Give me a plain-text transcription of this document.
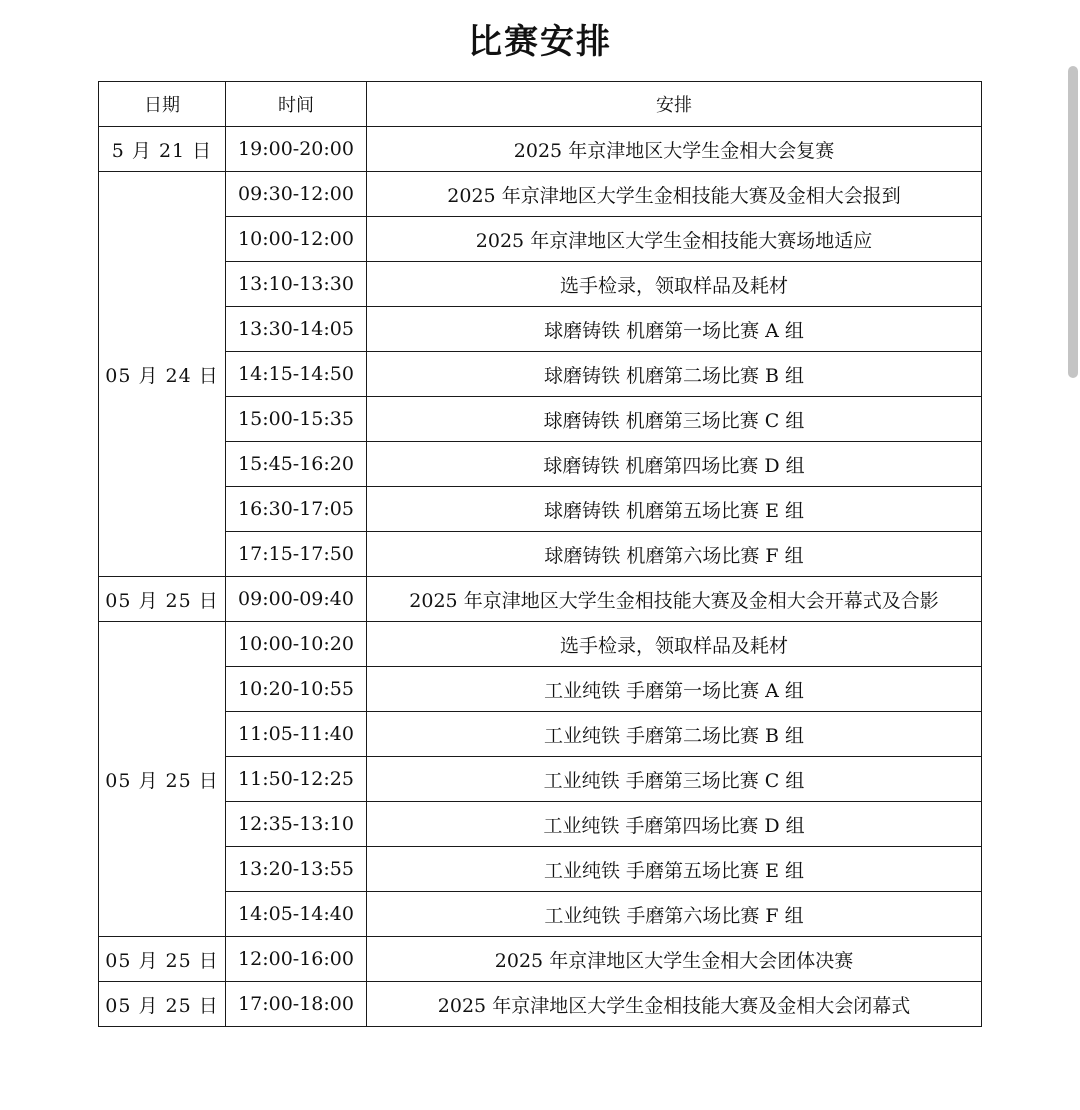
比赛安排
日期	时间	安排
5 月 21 日	19:00-20:00	2025 年京津地区大学生金相大会复赛
05 月 24 日	09:30-12:00	2025 年京津地区大学生金相技能大赛及金相大会报到
	10:00-12:00	2025 年京津地区大学生金相技能大赛场地适应
	13:10-13:30	选手检录，领取样品及耗材
	13:30-14:05	球磨铸铁 机磨第一场比赛 A 组
	14:15-14:50	球磨铸铁 机磨第二场比赛 B 组
	15:00-15:35	球磨铸铁 机磨第三场比赛 C 组
	15:45-16:20	球磨铸铁 机磨第四场比赛 D 组
	16:30-17:05	球磨铸铁 机磨第五场比赛 E 组
	17:15-17:50	球磨铸铁 机磨第六场比赛 F 组
05 月 25 日	09:00-09:40	2025 年京津地区大学生金相技能大赛及金相大会开幕式及合影
05 月 25 日	10:00-10:20	选手检录，领取样品及耗材
	10:20-10:55	工业纯铁 手磨第一场比赛 A 组
	11:05-11:40	工业纯铁 手磨第二场比赛 B 组
	11:50-12:25	工业纯铁 手磨第三场比赛 C 组
	12:35-13:10	工业纯铁 手磨第四场比赛 D 组
	13:20-13:55	工业纯铁 手磨第五场比赛 E 组
	14:05-14:40	工业纯铁 手磨第六场比赛 F 组
05 月 25 日	12:00-16:00	2025 年京津地区大学生金相大会团体决赛
05 月 25 日	17:00-18:00	2025 年京津地区大学生金相技能大赛及金相大会闭幕式
